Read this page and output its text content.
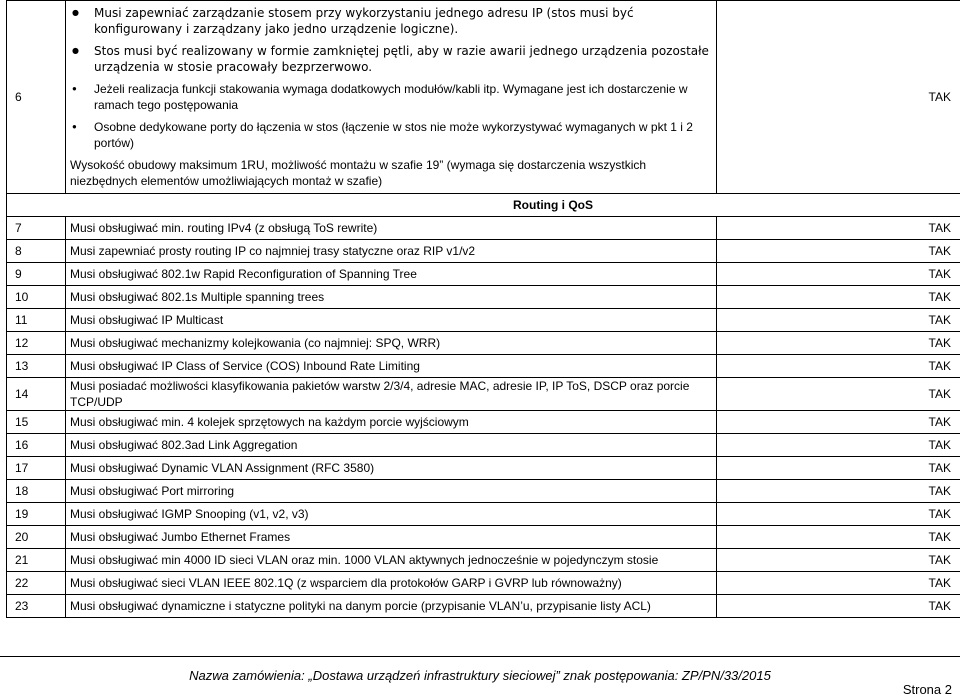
6	● Musi zapewniać zarządzanie stosem przy wykorzystaniu jednego adresu IP (stos musi być konfigurowany i zarządzany jako jedno urządzenie logiczne).
● Stos musi być realizowany w formie zamkniętej pętli, aby w razie awarii jednego urządzenia pozostałe urządzenia w stosie pracowały bezprzerwowo.
● Jeżeli realizacja funkcji stakowania wymaga dodatkowych modułów/kabli itp. Wymagane jest ich dostarczenie w ramach tego postępowania
● Osobne dedykowane porty do łączenia w stos (łączenie w stos nie może wykorzystywać wymaganych w pkt 1 i 2 portów)
Wysokość obudowy maksimum 1RU, możliwość montażu w szafie 19” (wymaga się dostarczenia wszystkich niezbędnych elementów umożliwiających montaż w szafie)	TAK
Routing i QoS		
7	Musi obsługiwać min. routing IPv4 (z obsługą ToS rewrite)	TAK
8	Musi zapewniać prosty routing IP co najmniej trasy statyczne oraz RIP v1/v2	TAK
9	Musi obsługiwać 802.1w Rapid Reconfiguration of Spanning Tree	TAK
10	Musi obsługiwać 802.1s Multiple spanning trees	TAK
11	Musi obsługiwać IP Multicast	TAK
12	Musi obsługiwać mechanizmy kolejkowania (co najmniej: SPQ, WRR)	TAK
13	Musi obsługiwać IP Class of Service (COS) Inbound Rate Limiting	TAK
14	Musi posiadać możliwości klasyfikowania pakietów warstw 2/3/4, adresie MAC, adresie IP, IP ToS, DSCP oraz porcie TCP/UDP	TAK
15	Musi obsługiwać min. 4 kolejek sprzętowych na każdym porcie wyjściowym	TAK
16	Musi obsługiwać 802.3ad Link Aggregation	TAK
17	Musi obsługiwać Dynamic VLAN Assignment (RFC 3580)	TAK
18	Musi obsługiwać Port mirroring	TAK
19	Musi obsługiwać IGMP Snooping (v1, v2, v3)	TAK
20	Musi obsługiwać Jumbo Ethernet Frames	TAK
21	Musi obsługiwać min 4000 ID sieci VLAN oraz min. 1000 VLAN aktywnych jednocześnie w pojedynczym stosie	TAK
22	Musi obsługiwać sieci VLAN IEEE 802.1Q (z wsparciem dla protokołów GARP i GVRP lub równoważny)	TAK
23	Musi obsługiwać dynamiczne i statyczne polityki na danym porcie (przypisanie VLAN’u, przypisanie listy ACL)	TAK
Nazwa zamówienia: „Dostawa urządzeń infrastruktury sieciowej” znak postępowania: ZP/PN/33/2015
Strona 2
